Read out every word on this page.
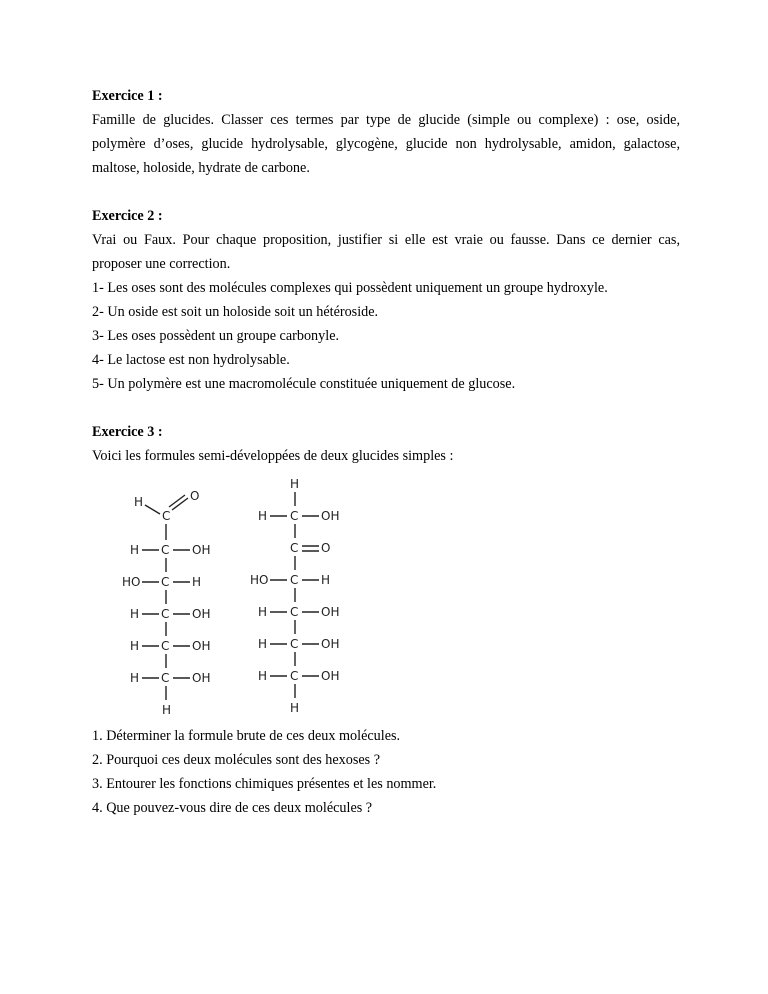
Exercice 1 :
Famille de glucides. Classer ces termes par type de glucide (simple ou complexe) : ose, oside, polymère d’oses, glucide hydrolysable, glycogène, glucide non hydrolysable, amidon, galactose, maltose, holoside, hydrate de carbone.
Exercice 2 :
Vrai ou Faux. Pour chaque proposition, justifier si elle est vraie ou fausse. Dans ce dernier cas, proposer une correction.
1- Les oses sont des molécules complexes qui possèdent uniquement un groupe hydroxyle.
2- Un oside est soit un holoside soit un hétéroside.
3- Les oses possèdent un groupe carbonyle.
4- Le lactose est non hydrolysable.
5- Un polymère est une macromolécule constituée uniquement de glucose.
Exercice 3 :
Voici les formules semi-développées de deux glucides simples :
H
C
O
H C OH
HO C H
H C OH
H C OH
H C OH
H
H
H C OH
C O
HO C H
H C OH
H C OH
H C OH
H
1. Déterminer la formule brute de ces deux molécules.
2. Pourquoi ces deux molécules sont des hexoses ?
3. Entourer les fonctions chimiques présentes et les nommer.
4. Que pouvez-vous dire de ces deux molécules ?
